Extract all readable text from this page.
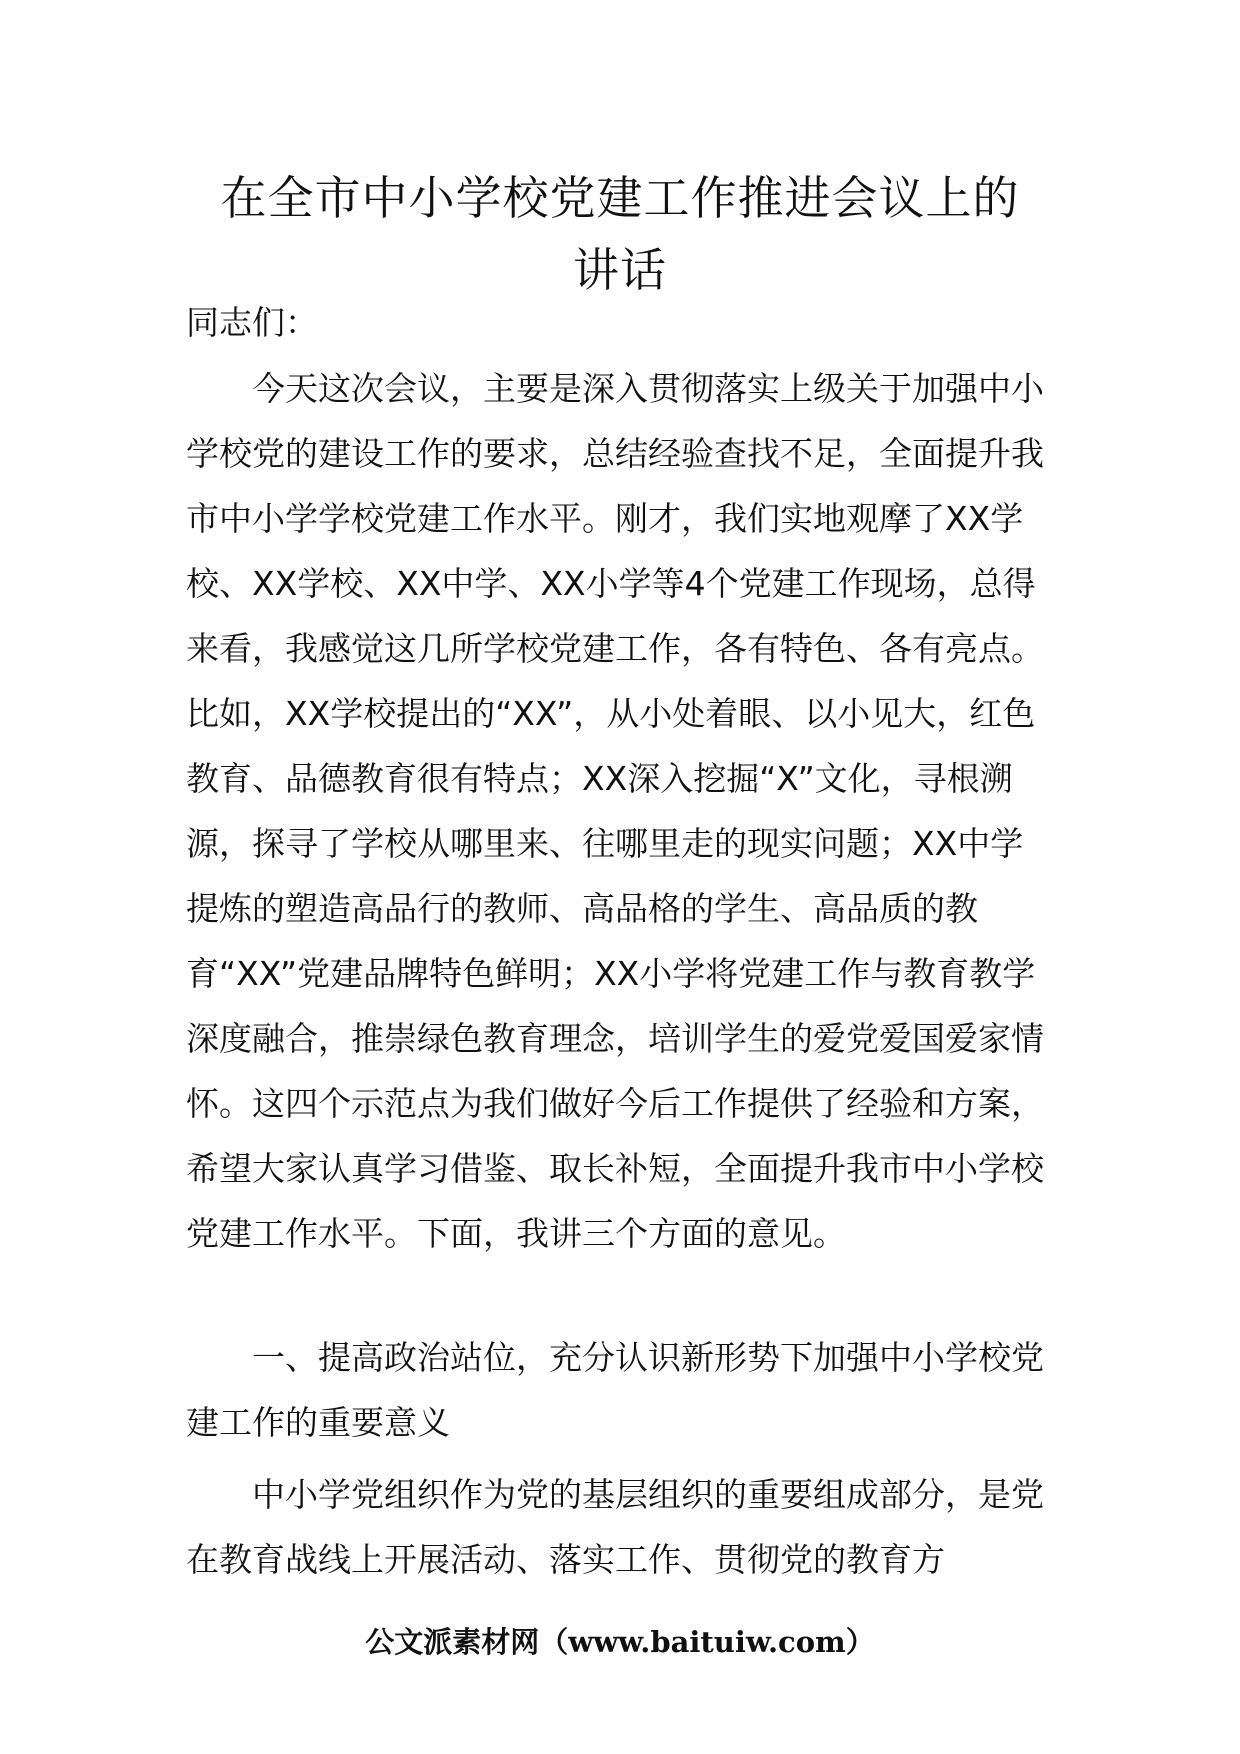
在全市中小学校党建工作推进会议上的
讲话
同志们：

今天这次会议，主要是深入贯彻落实上级关于加强中小学校党的建设工作的要求，总结经验查找不足，全面提升我市中小学学校党建工作水平。刚才，我们实地观摩了XX学校、XX学校、XX中学、XX小学等4个党建工作现场，总得来看，我感觉这几所学校党建工作，各有特色、各有亮点。比如，XX学校提出的“XX”，从小处着眼、以小见大，红色教育、品德教育很有特点；XX深入挖掘“X”文化，寻根溯源，探寻了学校从哪里来、往哪里走的现实问题；XX中学提炼的塑造高品行的教师、高品格的学生、高品质的教育“XX”党建品牌特色鲜明；XX小学将党建工作与教育教学深度融合，推崇绿色教育理念，培训学生的爱党爱国爱家情怀。这四个示范点为我们做好今后工作提供了经验和方案，希望大家认真学习借鉴、取长补短，全面提升我市中小学校党建工作水平。下面，我讲三个方面的意见。

一、提高政治站位，充分认识新形势下加强中小学校党建工作的重要意义

中小学党组织作为党的基层组织的重要组成部分，是党在教育战线上开展活动、落实工作、贯彻党的教育方

公文派素材网（www.baituiw.com）
